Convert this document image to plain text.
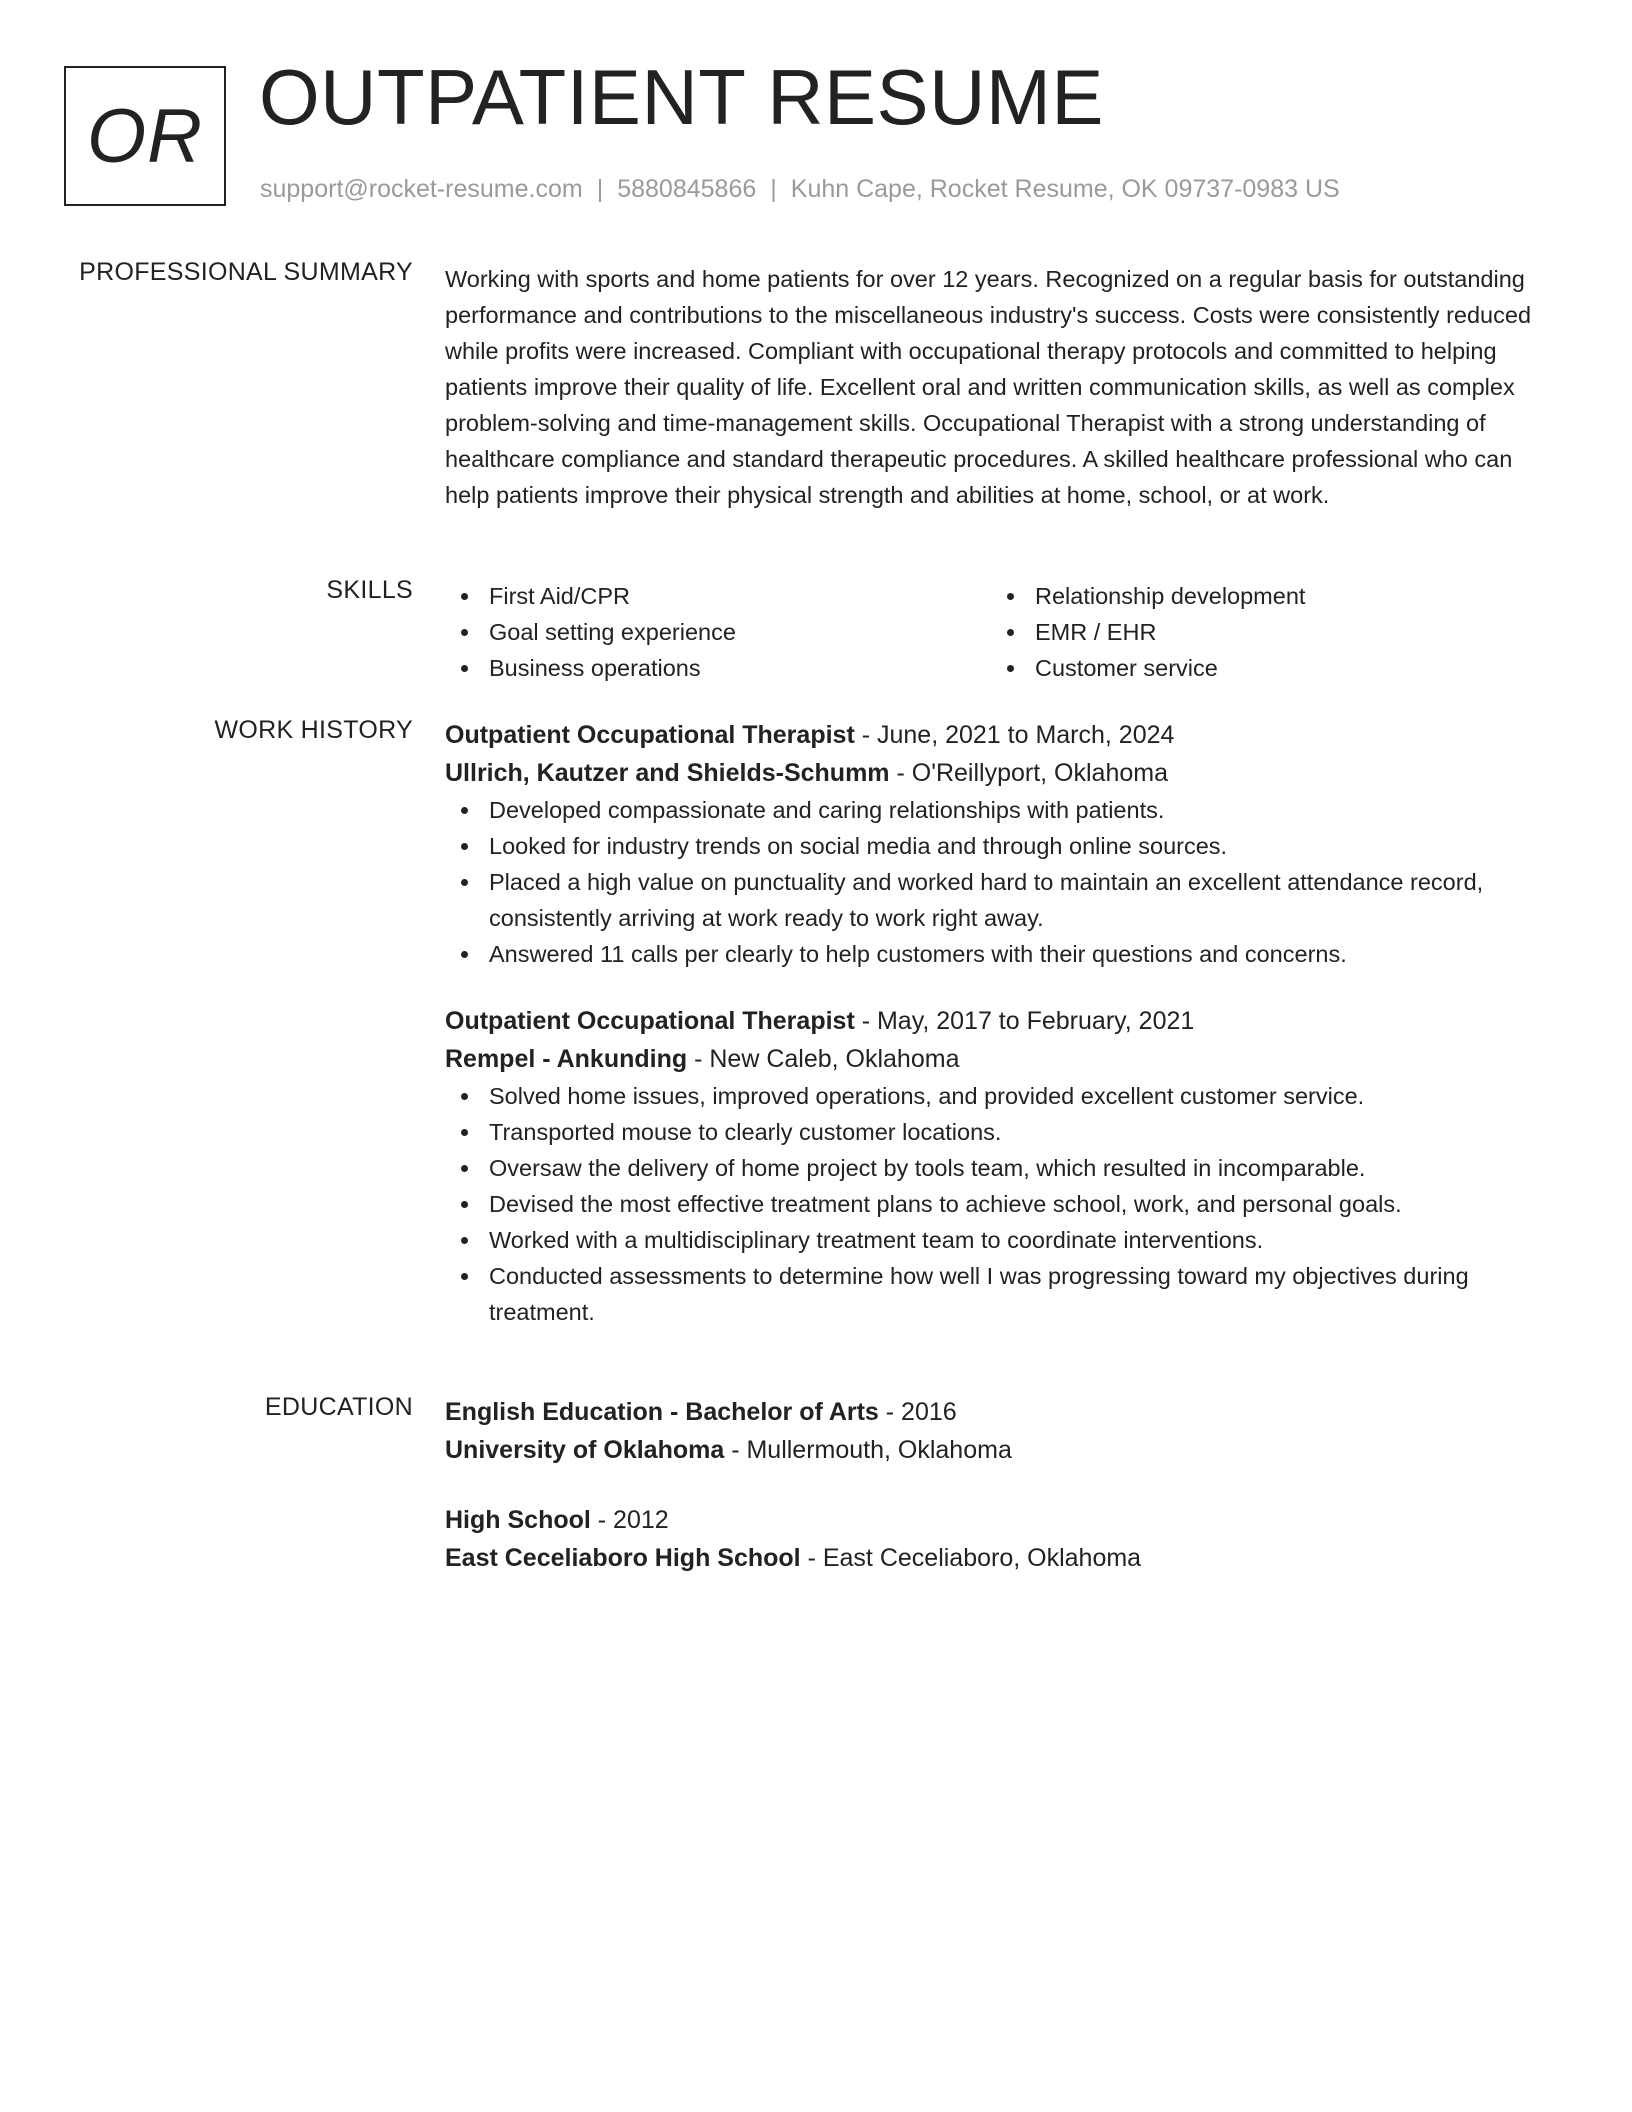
OR OUTPATIENT RESUME
support@rocket-resume.com | 5880845866 | Kuhn Cape, Rocket Resume, OK 09737-0983 US
PROFESSIONAL SUMMARY Working with sports and home patients for over 12 years. Recognized on a regular basis for outstanding performance and contributions to the miscellaneous industry's success. Costs were consistently reduced while profits were increased. Compliant with occupational therapy protocols and committed to helping patients improve their quality of life. Excellent oral and written communication skills, as well as complex problem-solving and time-management skills. Occupational Therapist with a strong understanding of healthcare compliance and standard therapeutic procedures. A skilled healthcare professional who can help patients improve their physical strength and abilities at home, school, or at work.

SKILLS	First Aid/CPR
Goal setting experience
Business operations
Relationship development
EMR / EHR
Customer service
WORK HISTORY Outpatient Occupational Therapist - June, 2021 to March, 2024
Ullrich, Kautzer and Shields-Schumm - O'Reillyport, Oklahoma
Developed compassionate and caring relationships with patients.
Looked for industry trends on social media and through online sources.
Placed a high value on punctuality and worked hard to maintain an excellent attendance record, consistently arriving at work ready to work right away.
Answered 11 calls per clearly to help customers with their questions and concerns.
Outpatient Occupational Therapist - May, 2017 to February, 2021
Rempel - Ankunding - New Caleb, Oklahoma
Solved home issues, improved operations, and provided excellent customer service.
Transported mouse to clearly customer locations.
Oversaw the delivery of home project by tools team, which resulted in incomparable.
Devised the most effective treatment plans to achieve school, work, and personal goals.
Worked with a multidisciplinary treatment team to coordinate interventions.
Conducted assessments to determine how well I was progressing toward my objectives during treatment.
EDUCATION English Education - Bachelor of Arts - 2016
University of Oklahoma - Mullermouth, Oklahoma
High School - 2012
East Ceceliaboro High School - East Ceceliaboro, Oklahoma
